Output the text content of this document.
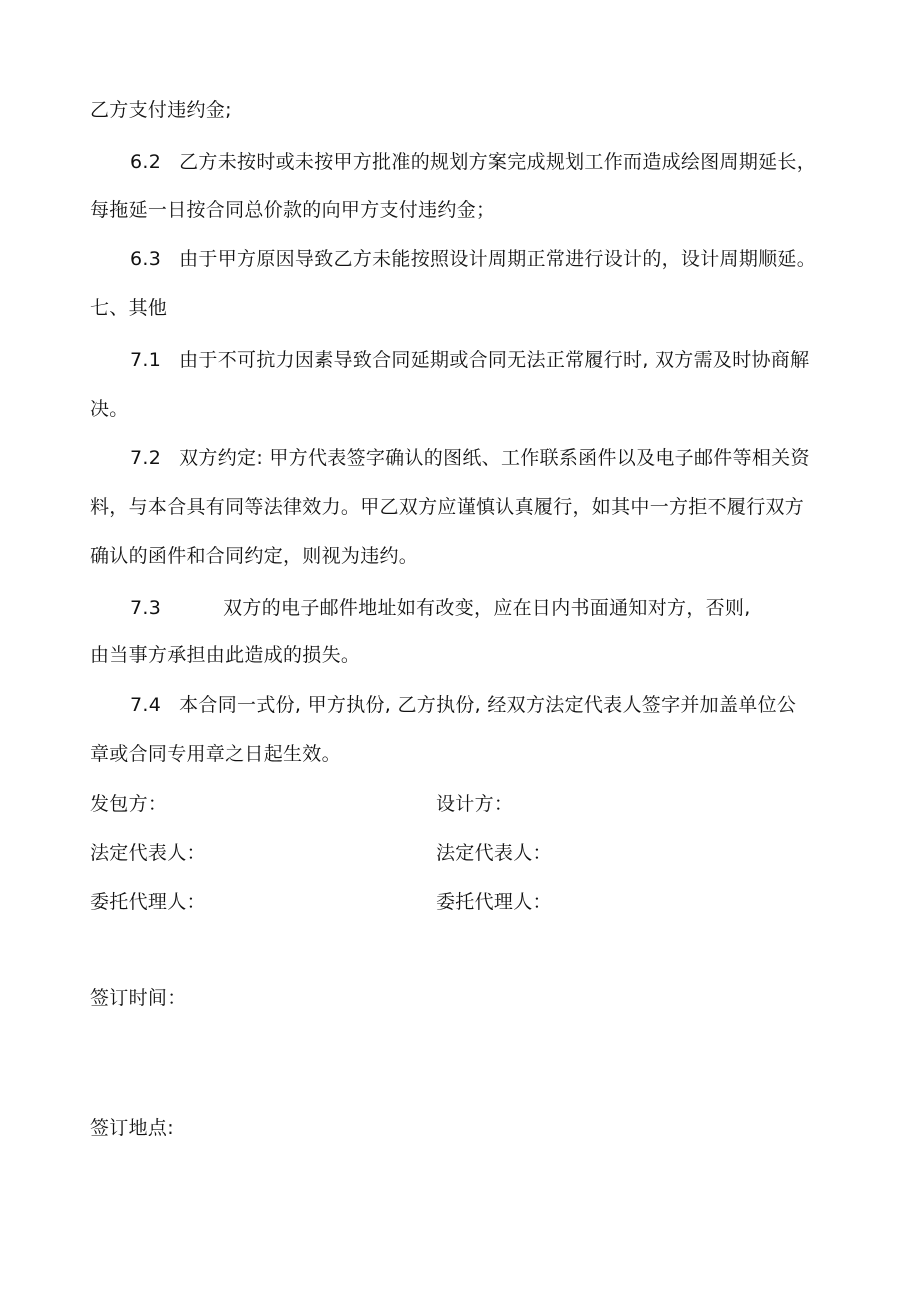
乙方支付违约金;
6.2 乙方未按时或未按甲方批准的规划方案完成规划工作而造成绘图周期延长，
每拖延一日按合同总价款的向甲方支付违约金；
6.3 由于甲方原因导致乙方未能按照设计周期正常进行设计的，设计周期顺延。
七、其他
7.1 由于不可抗力因素导致合同延期或合同无法正常履行时, 双方需及时协商解
决。
7.2 双方约定: 甲方代表签字确认的图纸、工作联系函件以及电子邮件等相关资
料，与本合具有同等法律效力。甲乙双方应谨慎认真履行，如其中一方拒不履行双方
确认的函件和合同约定，则视为违约。
7.3	双方的电子邮件地址如有改变，应在日内书面通知对方，否则,
由当事方承担由此造成的损失。
7.4 本合同一式份, 甲方执份, 乙方执份, 经双方法定代表人签字并加盖单位公
章或合同专用章之日起生效。
发包方：	设计方：
法定代表人：	法定代表人：
委托代理人：	委托代理人：
签订时间：
签订地点:
